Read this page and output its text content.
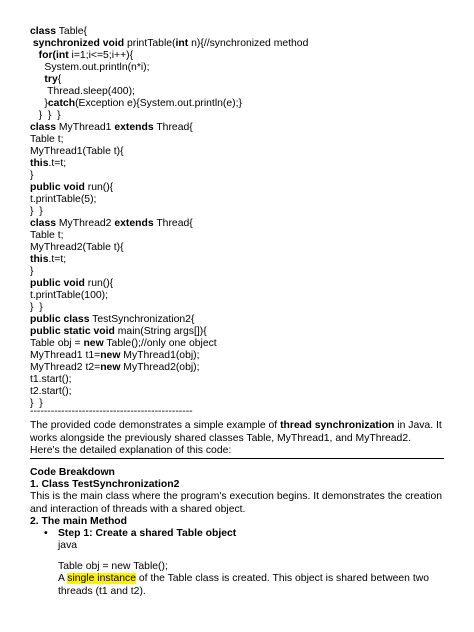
class Table{
synchronized void printTable(int n){//synchronized method
for(int i=1;i<=5;i++){
System.out.println(n*i);
try{
Thread.sleep(400);
}catch(Exception e){System.out.println(e);}
}  }  }
class MyThread1 extends Thread{
Table t;
MyThread1(Table t){
this.t=t;
}
public void run(){
t.printTable(5);
}  }
class MyThread2 extends Thread{
Table t;
MyThread2(Table t){
this.t=t;
}
public void run(){
t.printTable(100);
}  }
public class TestSynchronization2{
public static void main(String args[]){
Table obj = new Table();//only one object
MyThread1 t1=new MyThread1(obj);
MyThread2 t2=new MyThread2(obj);
t1.start();
t2.start();
}  }
-----------------------------------------------
The provided code demonstrates a simple example of thread synchronization in Java. It works alongside the previously shared classes Table, MyThread1, and MyThread2.
Here's the detailed explanation of this code:
Code Breakdown
1. Class TestSynchronization2
This is the main class where the program's execution begins. It demonstrates the creation and interaction of threads with a shared object.
2. The main Method
• Step 1: Create a shared Table object
java
Table obj = new Table();
A single instance of the Table class is created. This object is shared between two threads (t1 and t2).
